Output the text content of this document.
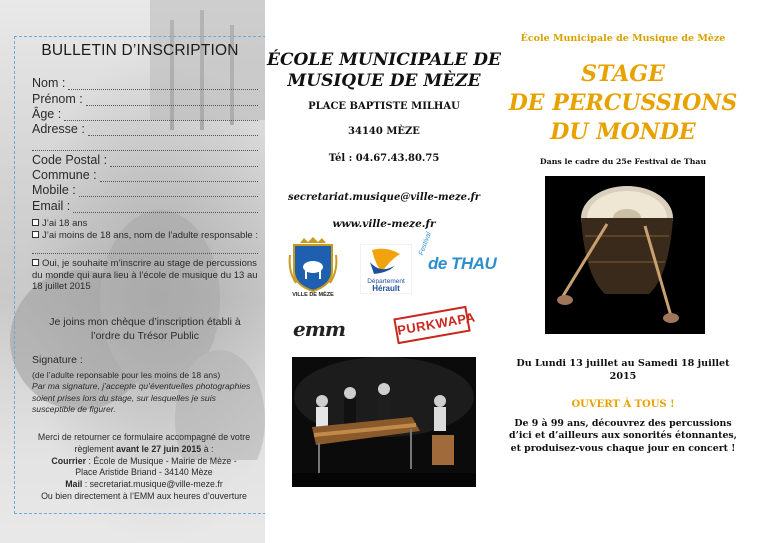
BULLETIN D’INSCRIPTION
Nom :
Prénom :
Âge :
Adresse :
Code Postal :
Commune :
Mobile :
Email :
J’ai 18 ans
J’ai moins de 18 ans, nom de l’adulte responsable :
Oui, je souhaite m’inscrire au stage de percussions du monde qui aura lieu à l’école de musique du 13 au 18 juillet 2015
Je joins mon chèque d’inscription établi à
l’ordre du Trésor Public
Signature :
(de l’adulte reponsable pour les moins de 18 ans)
Par ma signature, j’accepte qu’éventuelles photographies soient prises lors du stage, sur lesquelles je suis susceptible de figurer.
Merci de retourner ce formulaire accompagné de votre
règlement avant le 27 juin 2015 à :
Courrier : École de Musique - Mairie de Mèze -
Place Aristide Briand - 34140 Mèze
Mail : secretariat.musique@ville-meze.fr
Ou bien directement à l’EMM aux heures d’ouverture
ÉCOLE MUNICIPALE DE
MUSIQUE DE MÈZE
PLACE BAPTISTE MILHAU
34140 MÈZE
Tél : 04.67.43.80.75
secretariat.musique@ville-meze.fr
www.ville-meze.fr
VILLE DE MÈZE
Département
Hérault
Festival
de THAU
emm	PURKWAPA
École Municipale de Musique de Mèze
STAGE
DE PERCUSSIONS
DU MONDE
Dans le cadre du 25e Festival de Thau
Du Lundi 13 juillet au Samedi 18 juillet
2015
OUVERT À TOUS !
De 9 à 99 ans, découvrez des percussions d’ici et d’ailleurs aux sonorités étonnantes, et produisez-vous chaque jour en concert !
